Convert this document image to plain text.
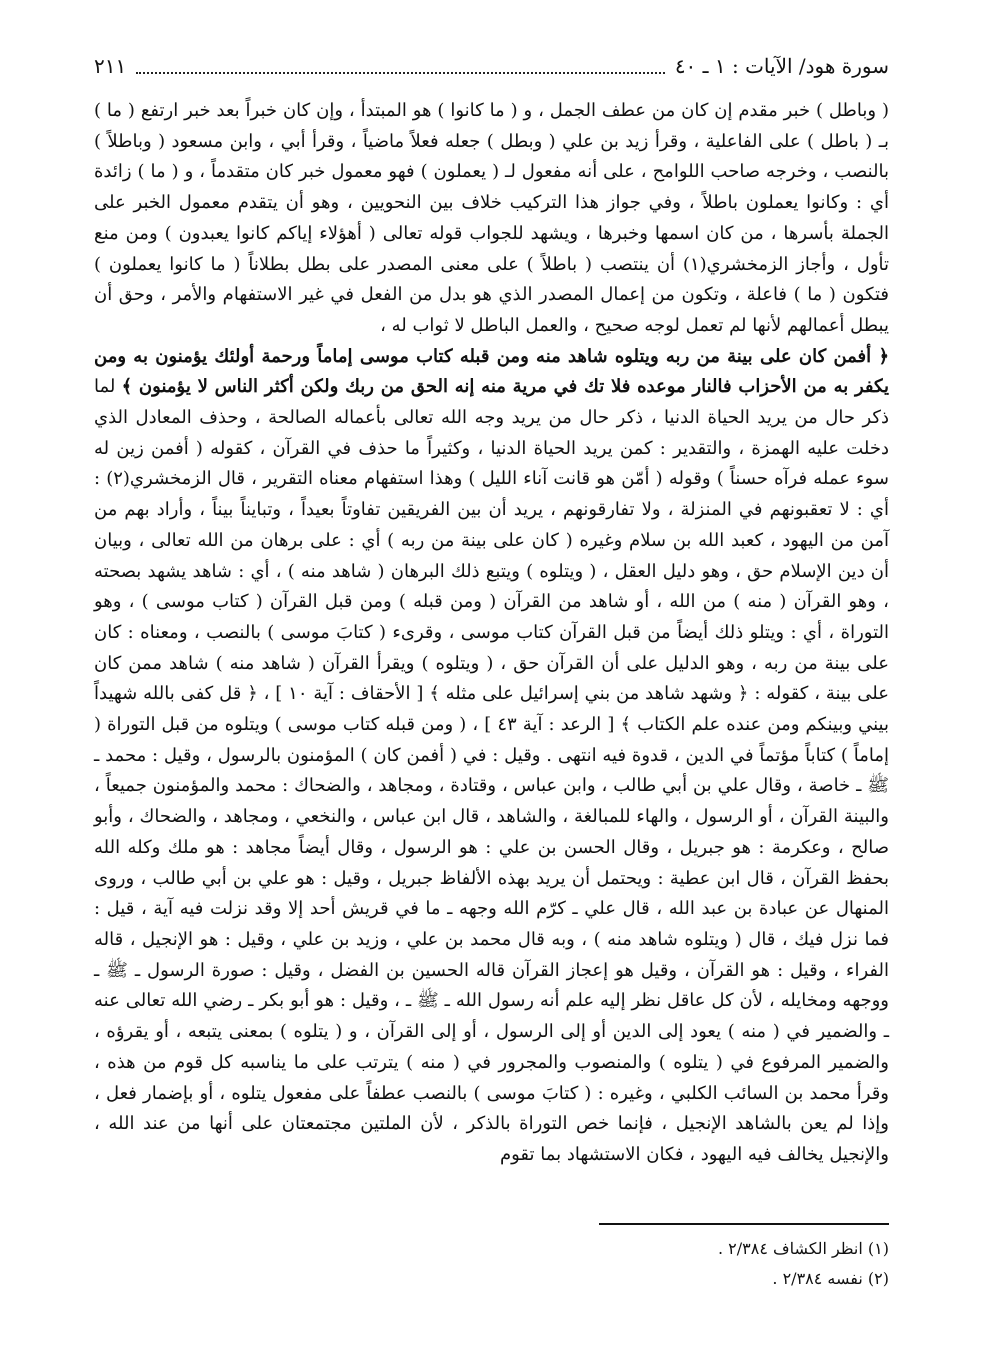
سورة هود/ الآيات : ١ ـ ٤٠
٢١١

( وباطل ) خبر مقدم إن كان من عطف الجمل ، و ( ما كانوا ) هو المبتدأ ، وإن كان خبراً بعد خبر ارتفع ( ما ) بـ ( باطل ) على الفاعلية ، وقرأ زيد بن علي ( وبطل ) جعله فعلاً ماضياً ، وقرأ أبي ، وابن مسعود ( وباطلاً ) بالنصب ، وخرجه صاحب اللوامح ، على أنه مفعول لـ ( يعملون ) فهو معمول خبر كان متقدماً ، و ( ما ) زائدة أي : وكانوا يعملون باطلاً ، وفي جواز هذا التركيب خلاف بين النحويين ، وهو أن يتقدم معمول الخبر على الجملة بأسرها ، من كان اسمها وخبرها ، ويشهد للجواب قوله تعالى ( أهؤلاء إياكم كانوا يعبدون ) ومن منع تأول ، وأجاز الزمخشري(١) أن ينتصب ( باطلاً ) على معنى المصدر على بطل بطلاناً ( ما كانوا يعملون ) فتكون ( ما ) فاعلة ، وتكون من إعمال المصدر الذي هو بدل من الفعل في غير الاستفهام والأمر ، وحق أن يبطل أعمالهم لأنها لم تعمل لوجه صحيح ، والعمل الباطل لا ثواب له ،

﴿ أفمن كان على بينة من ربه ويتلوه شاهد منه ومن قبله كتاب موسى إماماً ورحمة أولئك يؤمنون به ومن يكفر به من الأحزاب فالنار موعده فلا تك في مرية منه إنه الحق من ربك ولكن أكثر الناس لا يؤمنون ﴾ لما ذكر حال من يريد الحياة الدنيا ، ذكر حال من يريد وجه الله تعالى بأعماله الصالحة ، وحذف المعادل الذي دخلت عليه الهمزة ، والتقدير : كمن يريد الحياة الدنيا ، وكثيراً ما حذف في القرآن ، كقوله ( أفمن زين له سوء عمله فرآه حسناً ) وقوله ( أمّن هو قانت آناء الليل ) وهذا استفهام معناه التقرير ، قال الزمخشري(٢) : أي : لا تعقبونهم في المنزلة ، ولا تفارقونهم ، يريد أن بين الفريقين تفاوتاً بعيداً ، وتبايناً بيناً ، وأراد بهم من آمن من اليهود ، كعبد الله بن سلام وغيره ( كان على بينة من ربه ) أي : على برهان من الله تعالى ، وبيان أن دين الإسلام حق ، وهو دليل العقل ، ( ويتلوه ) ويتبع ذلك البرهان ( شاهد منه ) ، أي : شاهد يشهد بصحته ، وهو القرآن ( منه ) من الله ، أو شاهد من القرآن ( ومن قبله ) ومن قبل القرآن ( كتاب موسى ) ، وهو التوراة ، أي : ويتلو ذلك أيضاً من قبل القرآن كتاب موسى ، وقرىء ( كتابَ موسى ) بالنصب ، ومعناه : كان على بينة من ربه ، وهو الدليل على أن القرآن حق ، ( ويتلوه ) ويقرأ القرآن ( شاهد منه ) شاهد ممن كان على بينة ، كقوله : ﴿ وشهد شاهد من بني إسرائيل على مثله ﴾ [ الأحقاف : آية ١٠ ] ، ﴿ قل كفى بالله شهيداً بيني وبينكم ومن عنده علم الكتاب ﴾ [ الرعد : آية ٤٣ ] ، ( ومن قبله كتاب موسى ) ويتلوه من قبل التوراة ( إماماً ) كتاباً مؤتماً في الدين ، قدوة فيه انتهى . وقيل : في ( أفمن كان ) المؤمنون بالرسول ، وقيل : محمد ـ ﷺ ـ خاصة ، وقال علي بن أبي طالب ، وابن عباس ، وقتادة ، ومجاهد ، والضحاك : محمد والمؤمنون جميعاً ، والبينة القرآن ، أو الرسول ، والهاء للمبالغة ، والشاهد ، قال ابن عباس ، والنخعي ، ومجاهد ، والضحاك ، وأبو صالح ، وعكرمة : هو جبريل ، وقال الحسن بن علي : هو الرسول ، وقال أيضاً مجاهد : هو ملك وكله الله بحفظ القرآن ، قال ابن عطية : ويحتمل أن يريد بهذه الألفاظ جبريل ، وقيل : هو علي بن أبي طالب ، وروى المنهال عن عبادة بن عبد الله ، قال علي ـ كرّم الله وجهه ـ ما في قريش أحد إلا وقد نزلت فيه آية ، قيل : فما نزل فيك ، قال ( ويتلوه شاهد منه ) ، وبه قال محمد بن علي ، وزيد بن علي ، وقيل : هو الإنجيل ، قاله الفراء ، وقيل : هو القرآن ، وقيل هو إعجاز القرآن قاله الحسين بن الفضل ، وقيل : صورة الرسول ـ ﷺ ـ ووجهه ومخايله ، لأن كل عاقل نظر إليه علم أنه رسول الله ـ ﷺ ـ ، وقيل : هو أبو بكر ـ رضي الله تعالى عنه ـ والضمير في ( منه ) يعود إلى الدين أو إلى الرسول ، أو إلى القرآن ، و ( يتلوه ) بمعنى يتبعه ، أو يقرؤه ، والضمير المرفوع في ( يتلوه ) والمنصوب والمجرور في ( منه ) يترتب على ما يناسبه كل قوم من هذه ، وقرأ محمد بن السائب الكلبي ، وغيره : ( كتابَ موسى ) بالنصب عطفاً على مفعول يتلوه ، أو بإضمار فعل ، وإذا لم يعن بالشاهد الإنجيل ، فإنما خص التوراة بالذكر ، لأن الملتين مجتمعتان على أنها من عند الله ، والإنجيل يخالف فيه اليهود ، فكان الاستشهاد بما تقوم

(١) انظر الكشاف ٢/٣٨٤ .
(٢) نفسه ٢/٣٨٤ .
